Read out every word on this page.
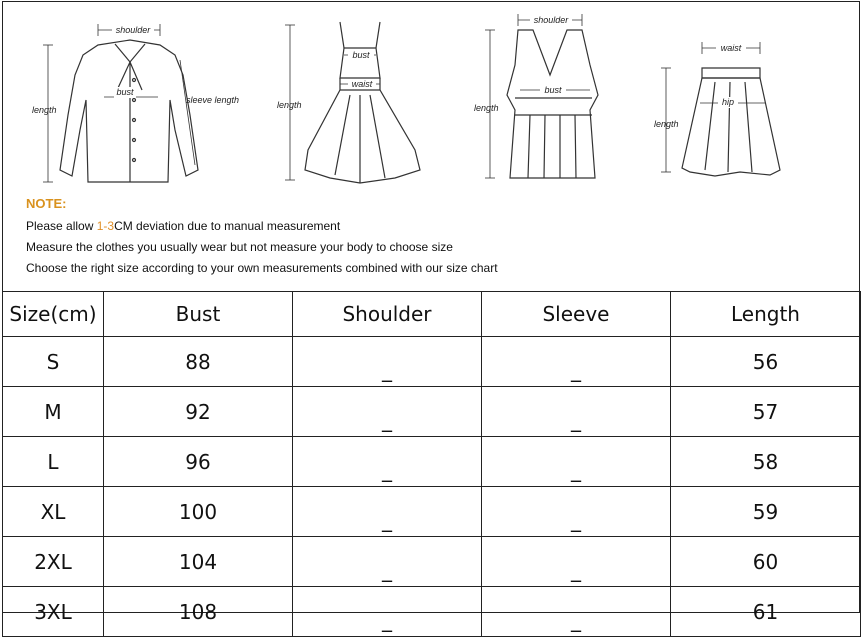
shoulder
bust
sleeve length
length
bust
waist
length
shoulder
bust
length
waist
hip
length
NOTE:
Please allow 1-3CM deviation due to manual measurement
Measure the clothes you usually wear but not measure your body to choose size
Choose the right size according to your own measurements combined with our size chart
Size(cm)	Bust	Shoulder	Sleeve	Length
S	88	_	_	56
M	92	_	_	57
L	96	_	_	58
XL	100	_	_	59
2XL	104	_	_	60
3XL	108	_	_	61
